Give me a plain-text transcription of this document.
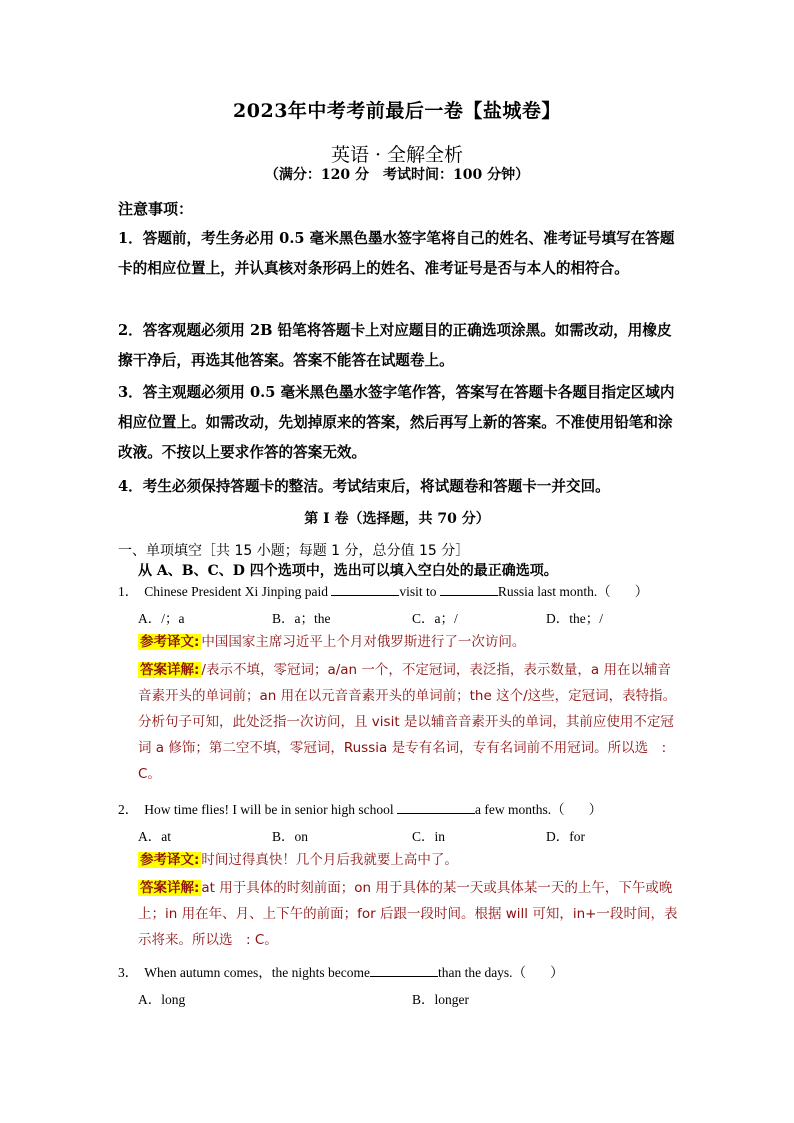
2023年中考考前最后一卷【盐城卷】
英语 · 全解全析
（满分：120 分　考试时间：100 分钟）
注意事项：
1．答题前，考生务必用 0.5 毫米黑色墨水签字笔将自己的姓名、准考证号填写在答题卡的相应位置上，并认真核对条形码上的姓名、准考证号是否与本人的相符合。
2．答客观题必须用 2B 铅笔将答题卡上对应题目的正确选项涂黑。如需改动，用橡皮擦干净后，再选其他答案。答案不能答在试题卷上。
3．答主观题必须用 0.5 毫米黑色墨水签字笔作答，答案写在答题卡各题目指定区域内相应位置上。如需改动，先划掉原来的答案，然后再写上新的答案。不准使用铅笔和涂改液。不按以上要求作答的答案无效。
4．考生必须保持答题卡的整洁。考试结束后，将试题卷和答题卡一并交回。
第 I 卷（选择题，共 70 分）
一、单项填空［共 15 小题；每题 1 分，总分值 15 分］
从 A、B、C、D 四个选项中，选出可以填入空白处的最正确选项。
1． Chinese President Xi Jinping paid	visit to	Russia last month.（ ）
A．/；a	B．a；the	C．a；/	D．the；/
参考译文: 中国国家主席习近平上个月对俄罗斯进行了一次访问。
答案详解: /表示不填，零冠词；a/an 一个，不定冠词，表泛指，表示数量，a 用在以辅音音素开头的单词前；an 用在以元音音素开头的单词前；the 这个/这些，定冠词，表特指。分析句子可知，此处泛指一次访问，且 visit 是以辅音音素开头的单词，其前应使用不定冠词 a 修饰；第二空不填，零冠词，Russia 是专有名词，专有名词前不用冠词。所以选　: C。
2． How time flies! I will be in senior high school	a few months.（ ）
A．at	B．on	C．in	D．for
参考译文: 时间过得真快！几个月后我就要上高中了。
答案详解: at 用于具体的时刻前面；on 用于具体的某一天或具体某一天的上午，下午或晚上；in 用在年、月、上下午的前面；for 后跟一段时间。根据 will 可知，in+一段时间，表示将来。所以选　: C。
3． When autumn comes，the nights become	than the days.（ ）
A．long	B．longer
